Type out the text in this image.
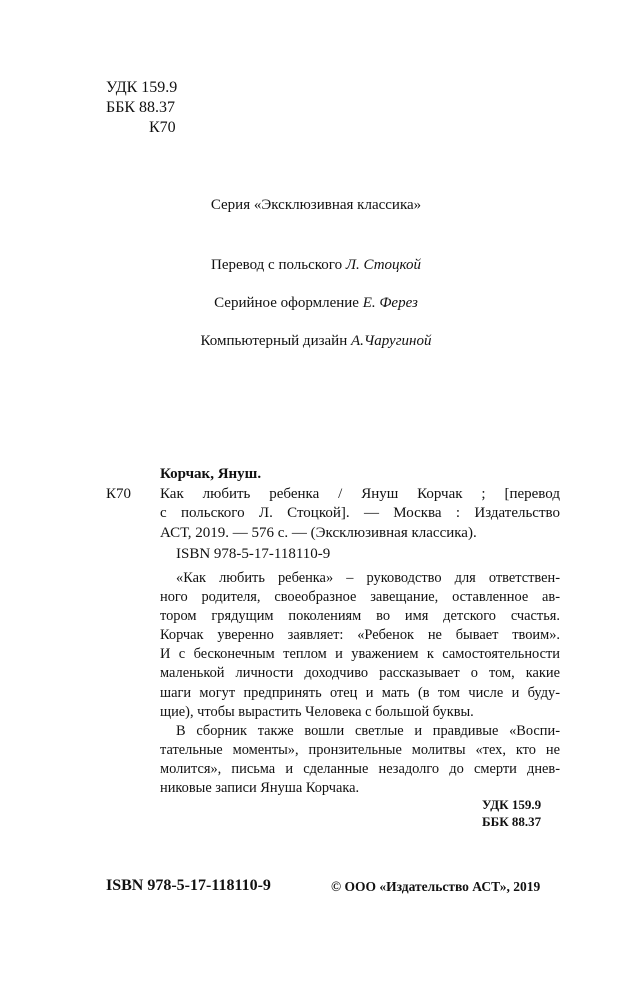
УДК 159.9
ББК 88.37
К70
Серия «Эксклюзивная классика»
Перевод с польского Л. Стоцкой
Серийное оформление Е. Ферез
Компьютерный дизайн А.Чаругиной
Корчак, Януш.
К70 Как любить ребенка / Януш Корчак ; [перевод
с польского Л. Стоцкой]. — Москва : Издательство
АСТ, 2019. — 576 с. — (Эксклюзивная классика).
ISBN 978-5-17-118110-9
«Как любить ребенка» – руководство для ответствен-
ного родителя, своеобразное завещание, оставленное ав-
тором грядущим поколениям во имя детского счастья.
Корчак уверенно заявляет: «Ребенок не бывает твоим».
И с бесконечным теплом и уважением к самостоятельности
маленькой личности доходчиво рассказывает о том, какие
шаги могут предпринять отец и мать (в том числе и буду-
щие), чтобы вырастить Человека с большой буквы.
В сборник также вошли светлые и правдивые «Воспи-
тательные моменты», пронзительные молитвы «тех, кто не
молится», письма и сделанные незадолго до смерти днев-
никовые записи Януша Корчака.
УДК 159.9
ББК 88.37
ISBN 978-5-17-118110-9	© ООО «Издательство АСТ», 2019
